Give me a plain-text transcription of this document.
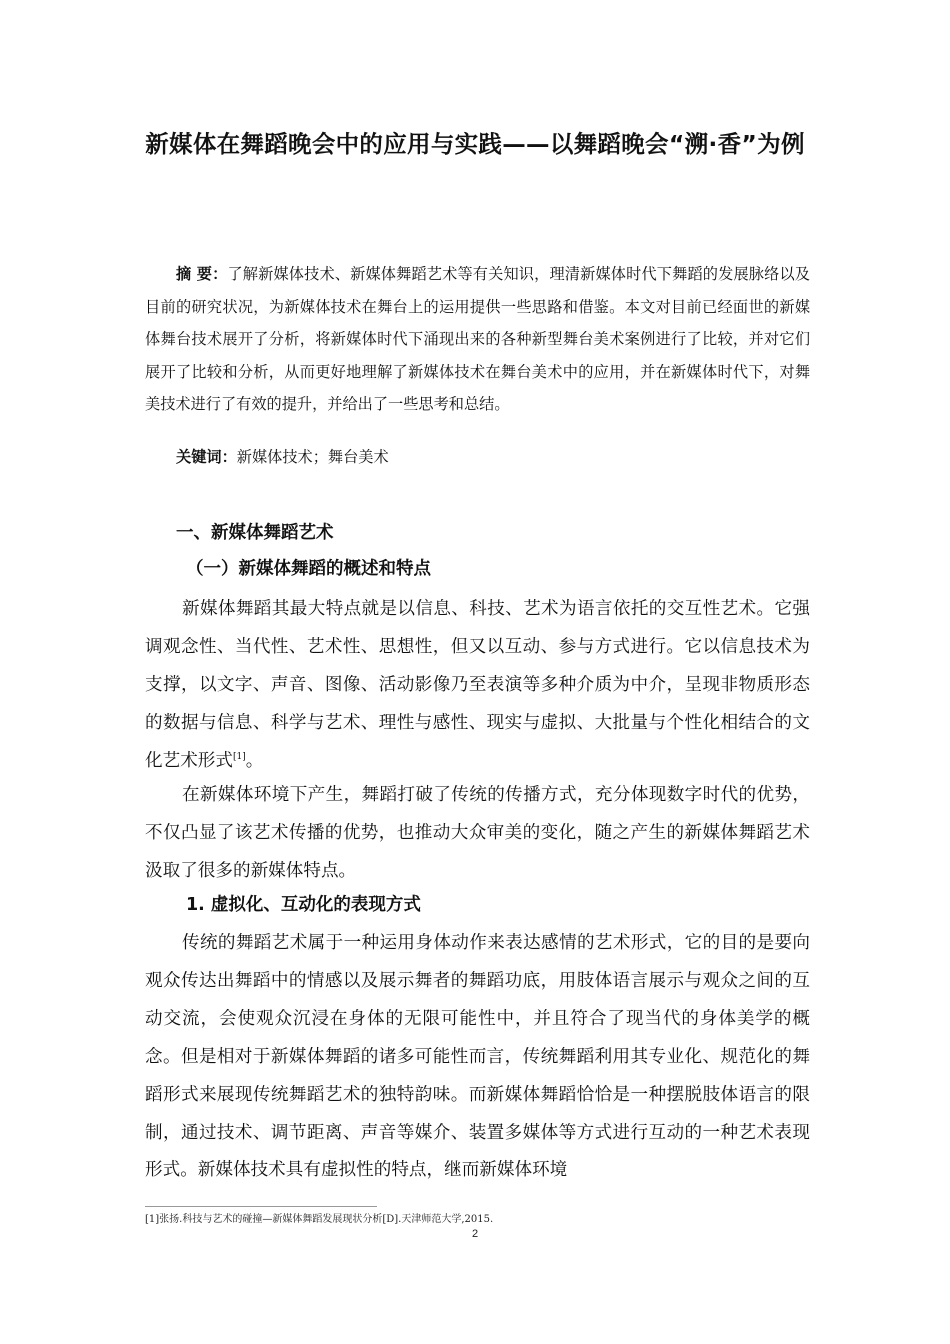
新媒体在舞蹈晚会中的应用与实践——以舞蹈晚会“溯·香”为例

摘 要：了解新媒体技术、新媒体舞蹈艺术等有关知识，理清新媒体时代下舞蹈的发展脉络以及目前的研究状况，为新媒体技术在舞台上的运用提供一些思路和借鉴。本文对目前已经面世的新媒体舞台技术展开了分析，将新媒体时代下涌现出来的各种新型舞台美术案例进行了比较，并对它们展开了比较和分析，从而更好地理解了新媒体技术在舞台美术中的应用，并在新媒体时代下，对舞美技术进行了有效的提升，并给出了一些思考和总结。

关键词：新媒体技术；舞台美术
一、新媒体舞蹈艺术
（一）新媒体舞蹈的概述和特点

新媒体舞蹈其最大特点就是以信息、科技、艺术为语言依托的交互性艺术。它强调观念性、当代性、艺术性、思想性，但又以互动、参与方式进行。它以信息技术为支撑，以文字、声音、图像、活动影像乃至表演等多种介质为中介，呈现非物质形态的数据与信息、科学与艺术、理性与感性、现实与虚拟、大批量与个性化相结合的文化艺术形式[1]。

在新媒体环境下产生，舞蹈打破了传统的传播方式，充分体现数字时代的优势，不仅凸显了该艺术传播的优势，也推动大众审美的变化，随之产生的新媒体舞蹈艺术汲取了很多的新媒体特点。

1. 虚拟化、互动化的表现方式

传统的舞蹈艺术属于一种运用身体动作来表达感情的艺术形式，它的目的是要向观众传达出舞蹈中的情感以及展示舞者的舞蹈功底，用肢体语言展示与观众之间的互动交流，会使观众沉浸在身体的无限可能性中，并且符合了现当代的身体美学的概念。但是相对于新媒体舞蹈的诸多可能性而言，传统舞蹈利用其专业化、规范化的舞蹈形式来展现传统舞蹈艺术的独特韵味。而新媒体舞蹈恰恰是一种摆脱肢体语言的限制，通过技术、调节距离、声音等媒介、装置多媒体等方式进行互动的一种艺术表现形式。新媒体技术具有虚拟性的特点，继而新媒体环境

[1]张扬.科技与艺术的碰撞—新媒体舞蹈发展现状分析[D].天津师范大学,2015.
2
